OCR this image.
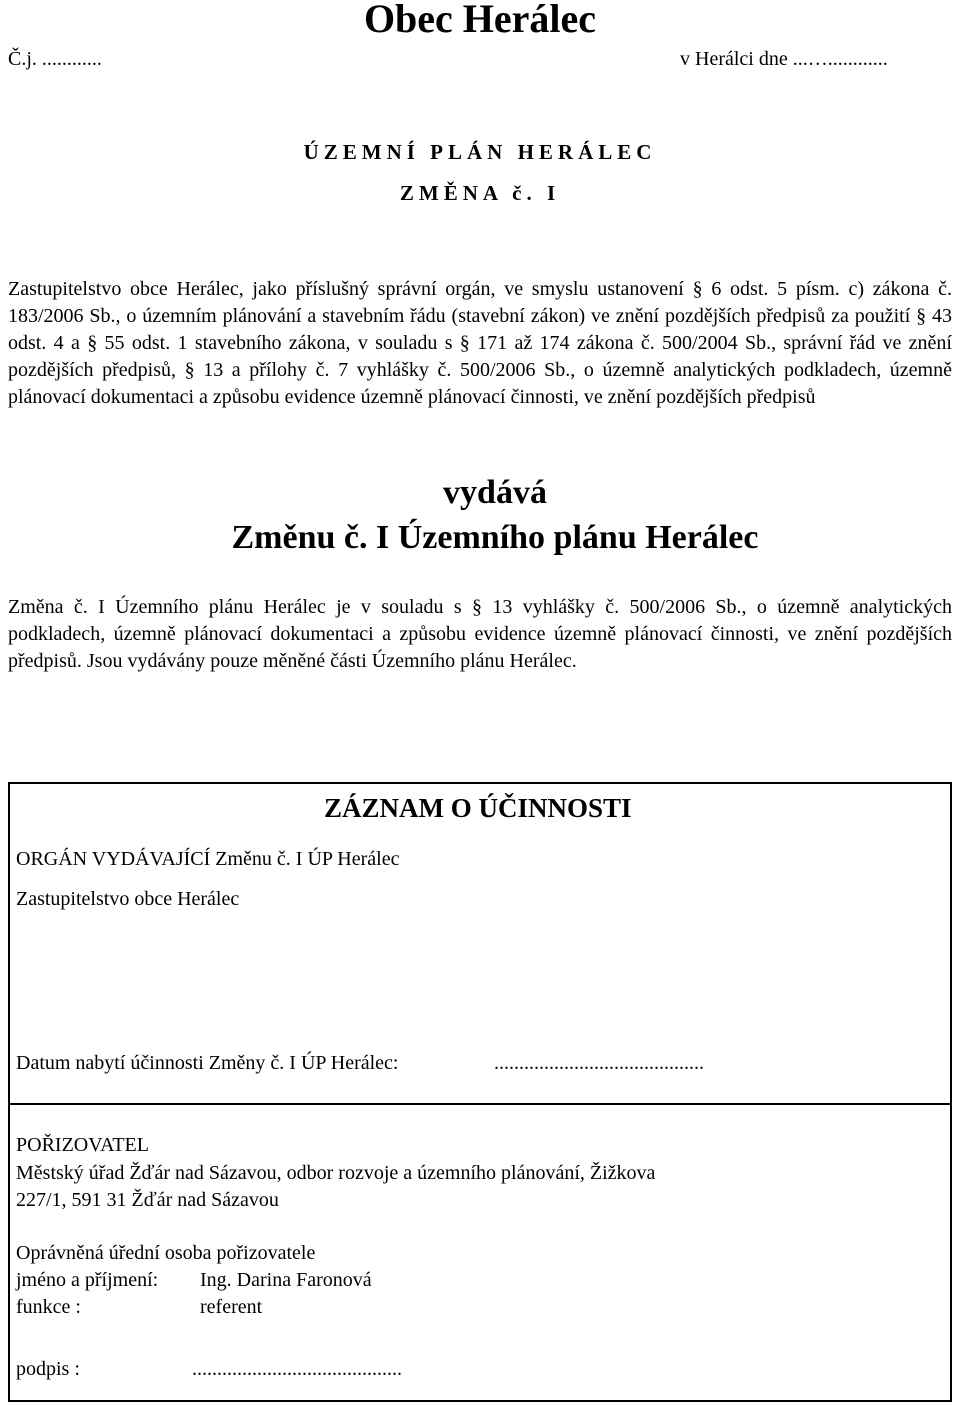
Obec Herálec
Č.j. ............	v Herálci dne ...…............
ÚZEMNÍ PLÁN HERÁLEC
ZMĚNA č. I
Zastupitelstvo obce Herálec, jako příslušný správní orgán, ve smyslu ustanovení § 6 odst. 5 písm. c) zákona č. 183/2006 Sb., o územním plánování a stavebním řádu (stavební zákon) ve znění pozdějších předpisů za použití § 43 odst. 4 a § 55 odst. 1 stavebního zákona, v souladu s § 171 až 174 zákona č. 500/2004 Sb., správní řád ve znění pozdějších předpisů, § 13 a přílohy č. 7 vyhlášky č. 500/2006 Sb., o územně analytických podkladech, územně plánovací dokumentaci a způsobu evidence územně plánovací činnosti, ve znění pozdějších předpisů
vydává
Změnu č. I Územního plánu Herálec
Změna č. I Územního plánu Herálec je v souladu s § 13 vyhlášky č. 500/2006 Sb., o územně analytických podkladech, územně plánovací dokumentaci a způsobu evidence územně plánovací činnosti, ve znění pozdějších předpisů. Jsou vydávány pouze měněné části Územního plánu Herálec.
ZÁZNAM O ÚČINNOSTI
ORGÁN VYDÁVAJÍCÍ Změnu č. I ÚP Herálec
Zastupitelstvo obce Herálec
Datum nabytí účinnosti Změny č. I ÚP Herálec:	..........................................
POŘIZOVATEL
Městský úřad Žďár nad Sázavou, odbor rozvoje a územního plánování, Žižkova 227/1, 591 31 Žďár nad Sázavou
Oprávněná úřední osoba pořizovatele
jméno a příjmení: Ing. Darina Faronová
funkce :	referent
podpis :	..........................................
